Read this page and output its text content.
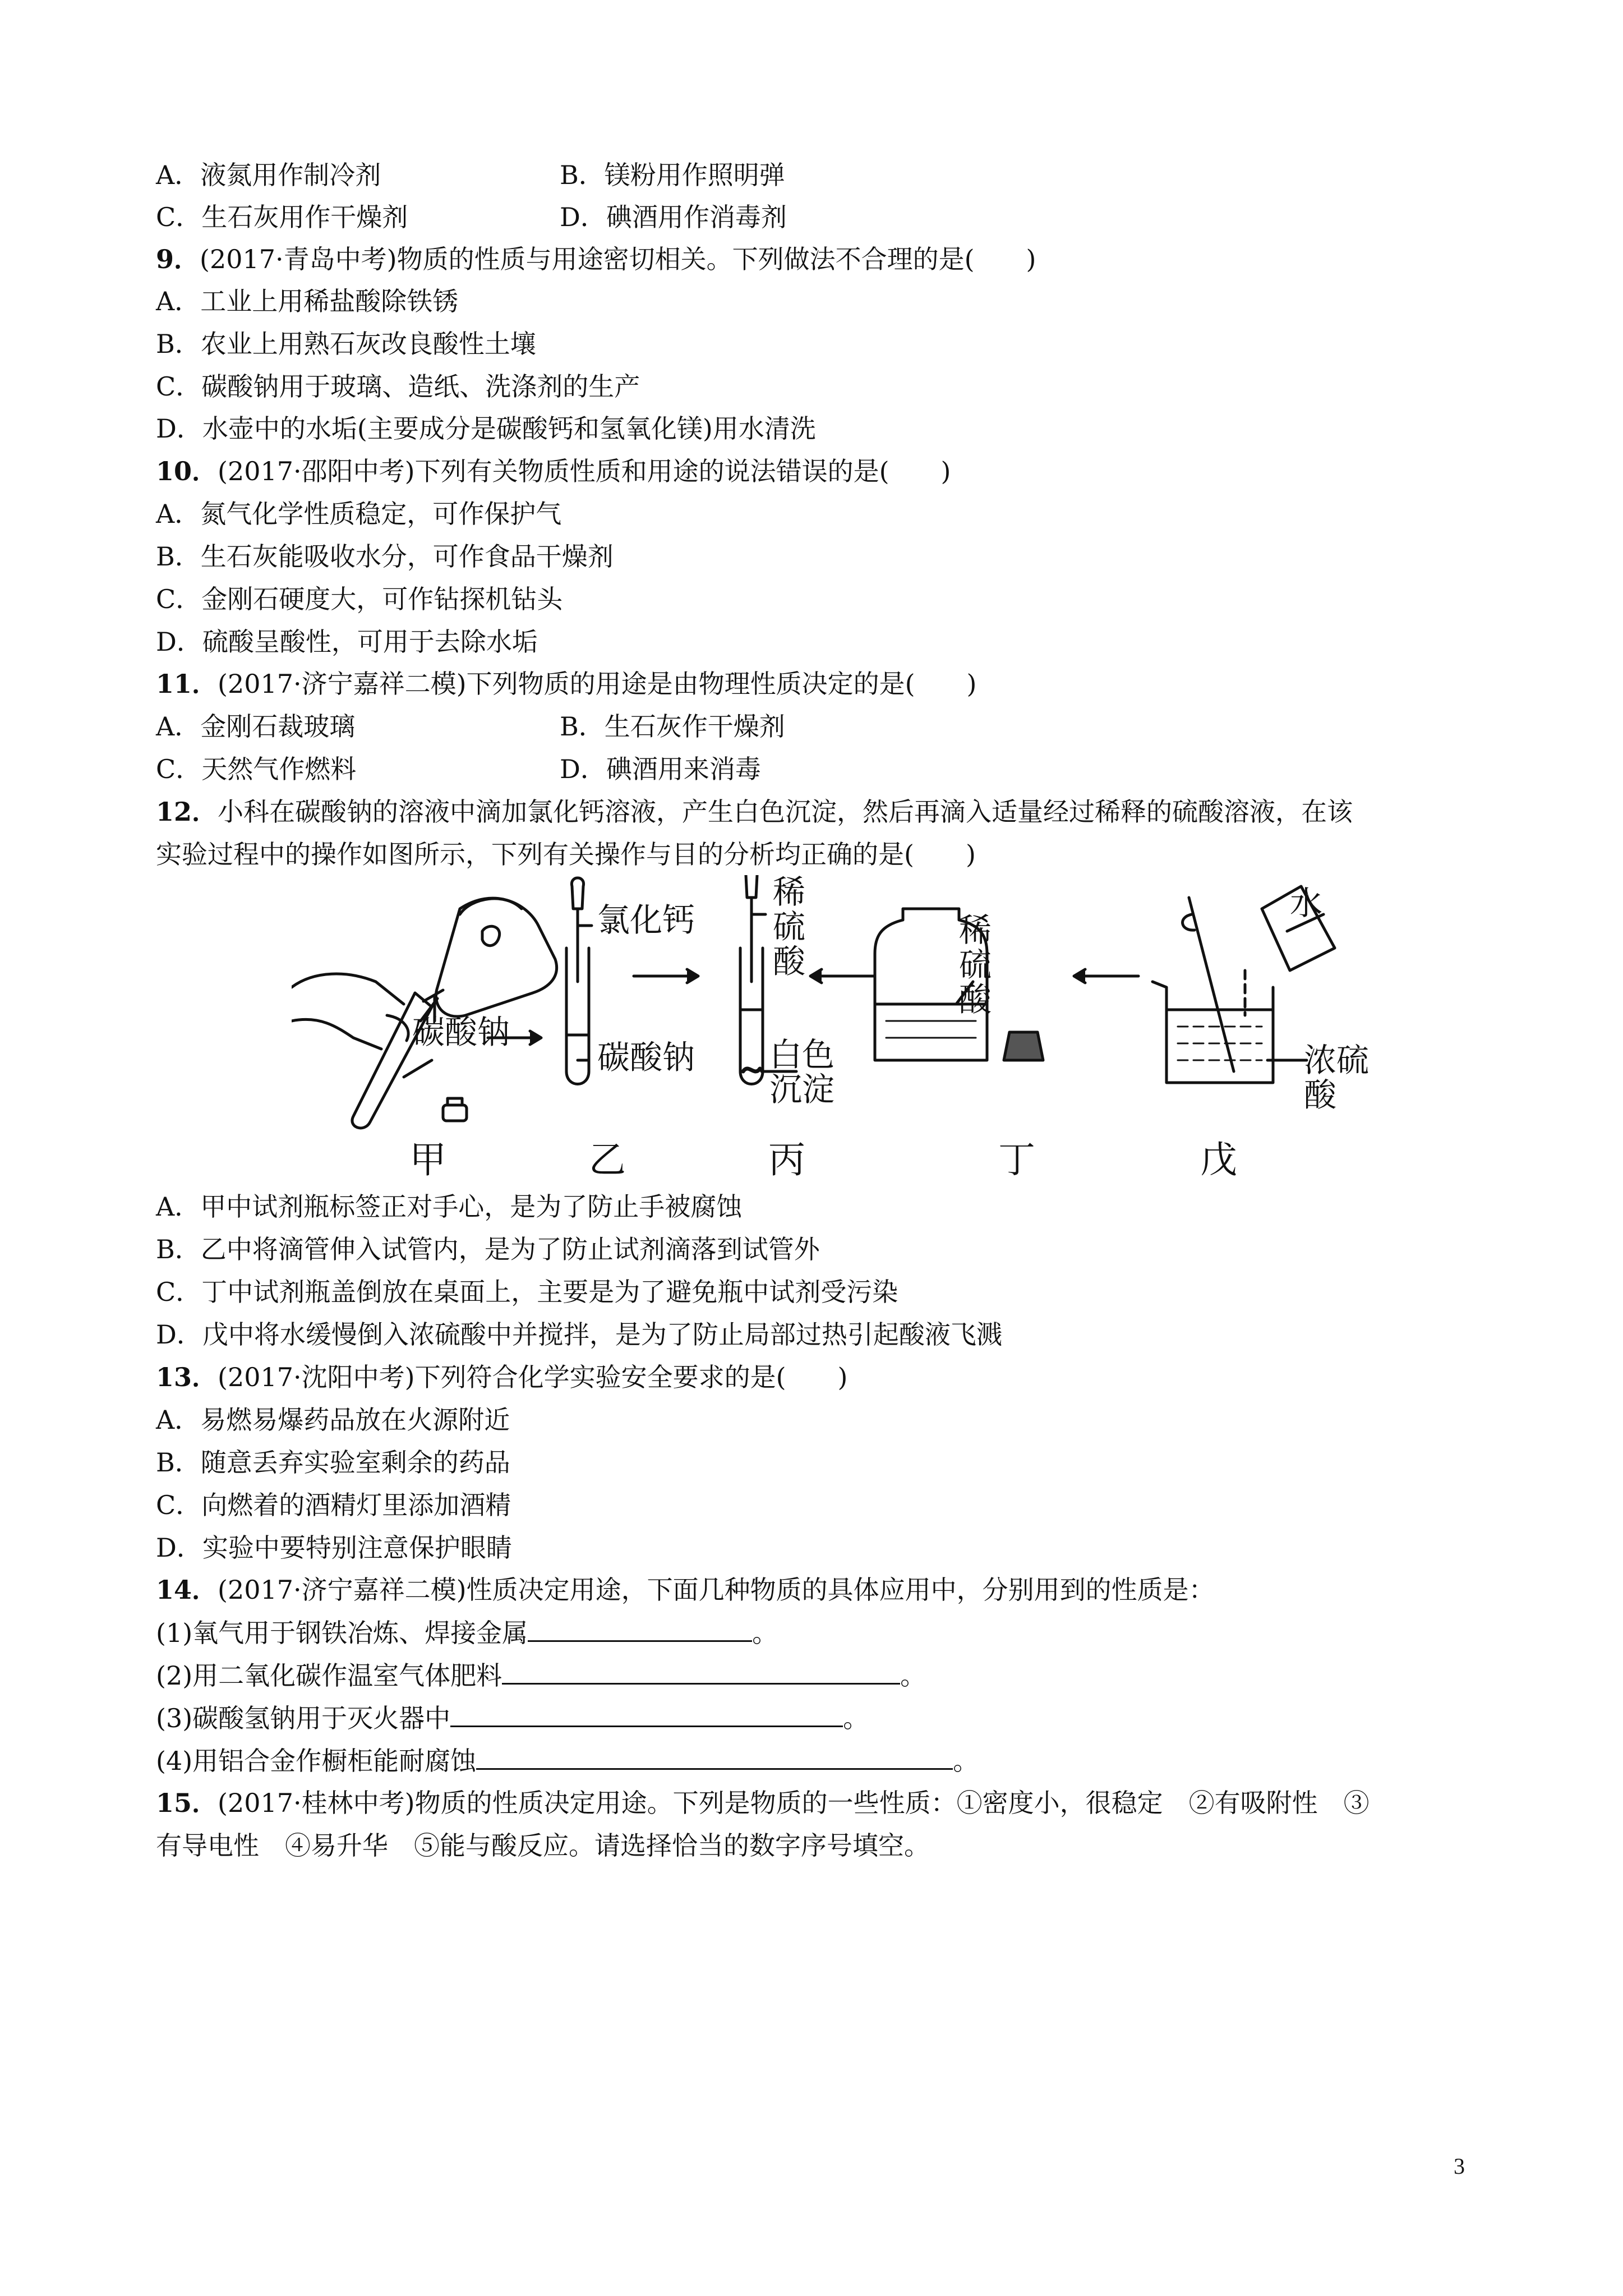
A．液氮用作制冷剂	B．镁粉用作照明弹
C．生石灰用作干燥剂	D．碘酒用作消毒剂
9．(2017·青岛中考)物质的性质与用途密切相关。下列做法不合理的是(　　)
A．工业上用稀盐酸除铁锈
B．农业上用熟石灰改良酸性土壤
C．碳酸钠用于玻璃、造纸、洗涤剂的生产
D．水壶中的水垢(主要成分是碳酸钙和氢氧化镁)用水清洗
10．(2017·邵阳中考)下列有关物质性质和用途的说法错误的是(　　)
A．氮气化学性质稳定，可作保护气
B．生石灰能吸收水分，可作食品干燥剂
C．金刚石硬度大，可作钻探机钻头
D．硫酸呈酸性，可用于去除水垢
11．(2017·济宁嘉祥二模)下列物质的用途是由物理性质决定的是(　　)
A．金刚石裁玻璃	B．生石灰作干燥剂
C．天然气作燃料	D．碘酒用来消毒
12．小科在碳酸钠的溶液中滴加氯化钙溶液，产生白色沉淀，然后再滴入适量经过稀释的硫酸溶液，在该
实验过程中的操作如图所示，下列有关操作与目的分析均正确的是(　　)
碳酸钠
氯化钙
碳酸钠
稀
硫
酸
白色
沉淀
稀
硫
酸
水
浓硫
酸
甲	乙	丙	丁	戊
A．甲中试剂瓶标签正对手心，是为了防止手被腐蚀
B．乙中将滴管伸入试管内，是为了防止试剂滴落到试管外
C．丁中试剂瓶盖倒放在桌面上，主要是为了避免瓶中试剂受污染
D．戊中将水缓慢倒入浓硫酸中并搅拌，是为了防止局部过热引起酸液飞溅
13．(2017·沈阳中考)下列符合化学实验安全要求的是(　　)
A．易燃易爆药品放在火源附近
B．随意丢弃实验室剩余的药品
C．向燃着的酒精灯里添加酒精
D．实验中要特别注意保护眼睛
14．(2017·济宁嘉祥二模)性质决定用途，下面几种物质的具体应用中，分别用到的性质是：
(1)氧气用于钢铁冶炼、焊接金属	。
(2)用二氧化碳作温室气体肥料	。
(3)碳酸氢钠用于灭火器中	。
(4)用铝合金作橱柜能耐腐蚀	。
15．(2017·桂林中考)物质的性质决定用途。下列是物质的一些性质：①密度小，很稳定　②有吸附性　③
有导电性　④易升华　⑤能与酸反应。请选择恰当的数字序号填空。
3
